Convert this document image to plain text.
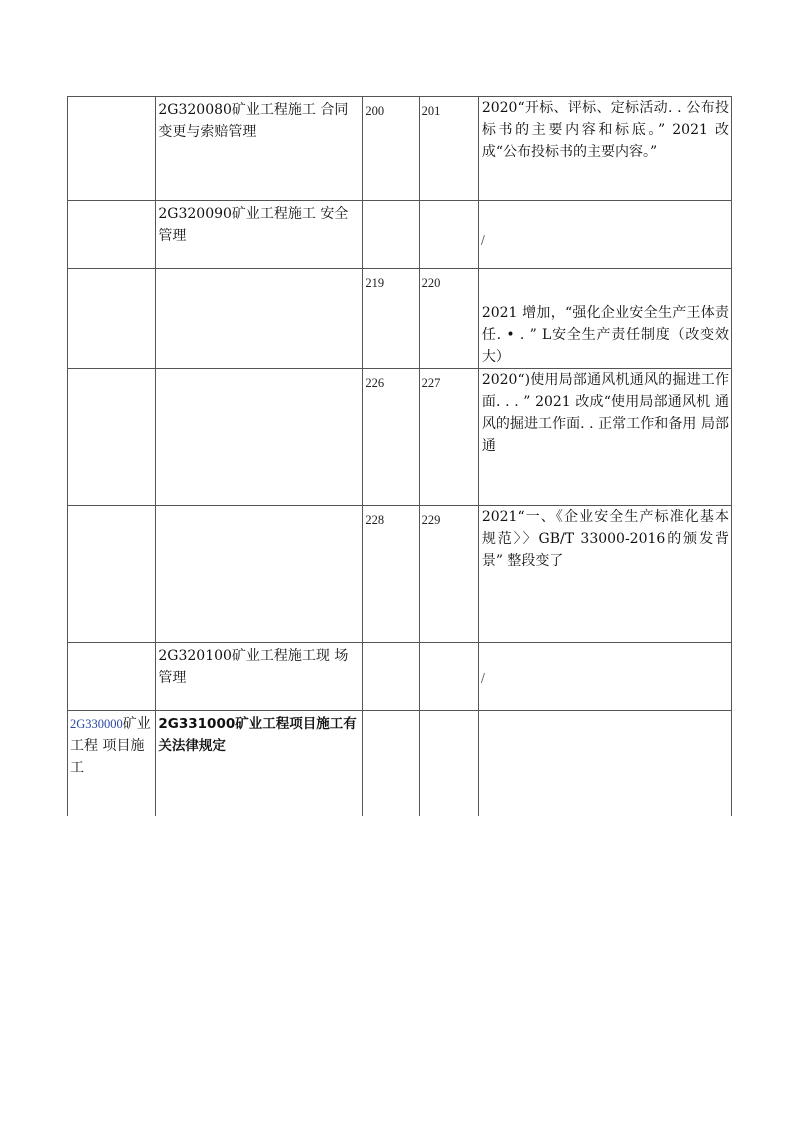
	2G320080矿业工程施工 合同变更与索赔管理	200	201	2020“开标、评标、定标活动. . 公布投 标书的主要内容和标底。” 2021 改成“公布投标书的主要内容。”

	2G320090矿业工程施工 安全管理			/

		219	220	2021 增加，“强化企业安全生产王体责 任. • . ” L安全生产责任制度（改变效 大）

		226	227	2020“)使用局部通风机通风的掘进工作面. . . ” 2021 改成“使用局部通风机 通风的掘进工作面. . 正常工作和备用 局部通

		228	229	2021“一、《企业安全生产标准化基本 规范〉〉GB/T 33000-2016的颁发背景” 整段变了

	2G320100矿业工程施工现 场管理			/

2G330000矿业工程 项目施工	2G331000矿业工程项目施工有关法律规定			
